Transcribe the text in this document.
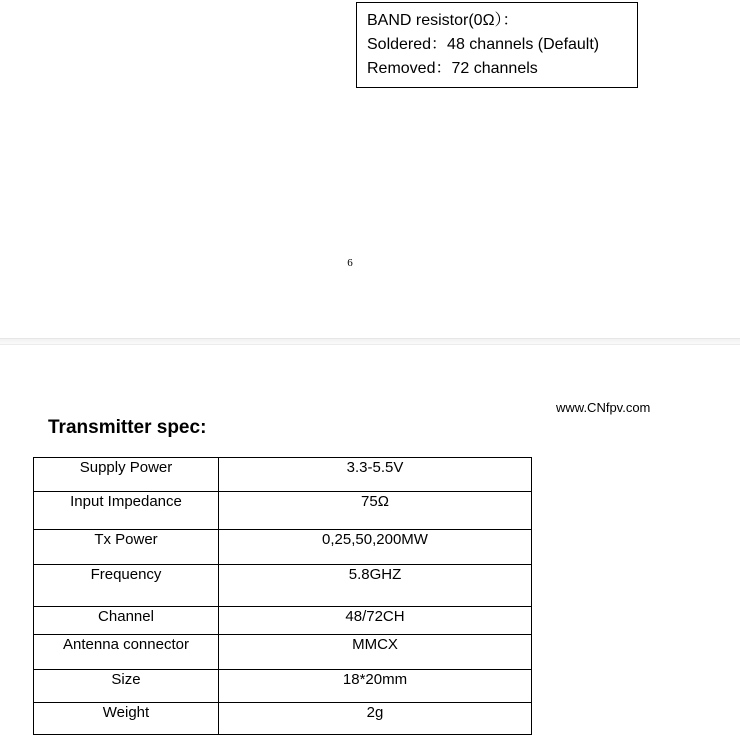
BAND resistor(0Ω）：
Soldered：48 channels (Default)
Removed：72 channels
6
www.CNfpv.com
Transmitter spec:
Supply Power	3.3-5.5V
Input Impedance	75Ω
Tx Power	0,25,50,200MW
Frequency	5.8GHZ
Channel	48/72CH
Antenna connector	MMCX
Size	18*20mm
Weight	2g
